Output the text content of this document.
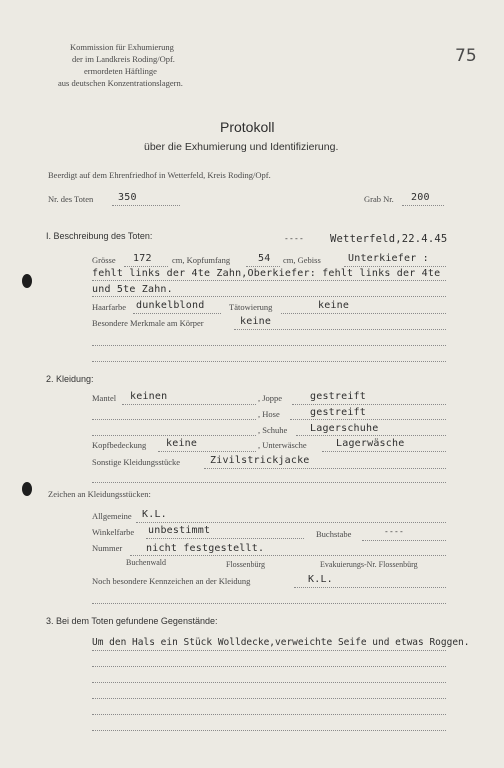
Kommission für Exhumierung
der im Landkreis Roding/Opf.
ermordeten Häftlinge
aus deutschen Konzentrationslagern.
75
Protokoll
über die Exhumierung und Identifizierung.
Beerdigt auf dem Ehrenfriedhof in Wetterfeld, Kreis Roding/Opf.
Nr. des Toten 350	Grab Nr. 200
I. Beschreibung des Toten:	---- Wetterfeld,22.4.45
Grösse 172 cm, Kopfumfang	54 cm, Gebiss	Unterkiefer :
fehlt links der 4te Zahn,Oberkiefer: fehlt links der 4te
und 5te Zahn.
Haarfarbe dunkelblond	Tätowierung	keine
Besondere Merkmale am Körper	keine
2. Kleidung:
Mantel keinen	, Joppe	gestreift
, Hose	gestreift
, Schuhe Lagerschuhe
Kopfbedeckung keine	, Unterwäsche	Lagerwäsche
Sonstige Kleidungsstücke	Zivilstrickjacke
Zeichen an Kleidungsstücken:
Allgemeine K.L.
Winkelfarbe unbestimmt	Buchstabe	----
Nummer nicht festgestellt.
Buchenwald	Flossenbürg	Evakuierungs-Nr. Flossenbürg
Noch besondere Kennzeichen an der Kleidung	K.L.
3. Bei dem Toten gefundene Gegenstände:
Um den Hals ein Stück Wolldecke,verweichte Seife und etwas Roggen.
